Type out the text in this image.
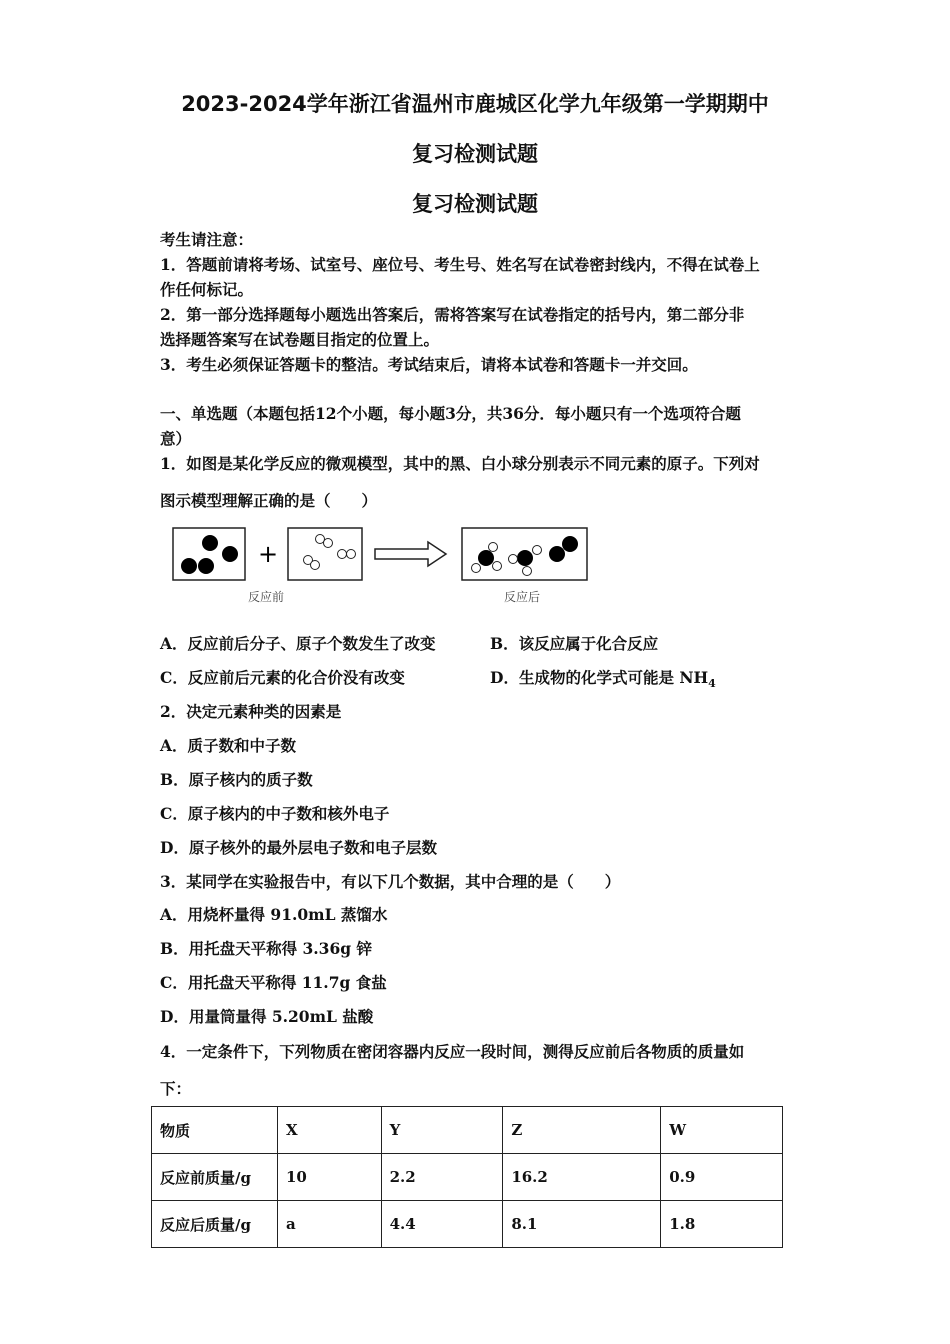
2023-2024学年浙江省温州市鹿城区化学九年级第一学期期中
复习检测试题
复习检测试题
考生请注意：
1．答题前请将考场、试室号、座位号、考生号、姓名写在试卷密封线内，不得在试卷上
作任何标记。
2．第一部分选择题每小题选出答案后，需将答案写在试卷指定的括号内，第二部分非
选择题答案写在试卷题目指定的位置上。
3．考生必须保证答题卡的整洁。考试结束后，请将本试卷和答题卡一并交回。
一、单选题（本题包括12个小题，每小题3分，共36分．每小题只有一个选项符合题
意）
1．如图是某化学反应的微观模型，其中的黑、白小球分别表示不同元素的原子。下列对
图示模型理解正确的是（　　）
+
反应前	反应后
A．反应前后分子、原子个数发生了改变	B．该反应属于化合反应
C．反应前后元素的化合价没有改变	D．生成物的化学式可能是 $NH_4$
2．决定元素种类的因素是
A．质子数和中子数
B．原子核内的质子数
C．原子核内的中子数和核外电子
D．原子核外的最外层电子数和电子层数
3．某同学在实验报告中，有以下几个数据，其中合理的是（　　）
A．用烧杯量得 91.0mL 蒸馏水
B．用托盘天平称得 3.36g 锌
C．用托盘天平称得 11.7g 食盐
D．用量筒量得 5.20mL 盐酸
4．一定条件下，下列物质在密闭容器内反应一段时间，测得反应前后各物质的质量如
下：
物质	X	Y	Z	W
反应前质量/g	10	2.2	16.2	0.9
反应后质量/g	a	4.4	8.1	1.8
